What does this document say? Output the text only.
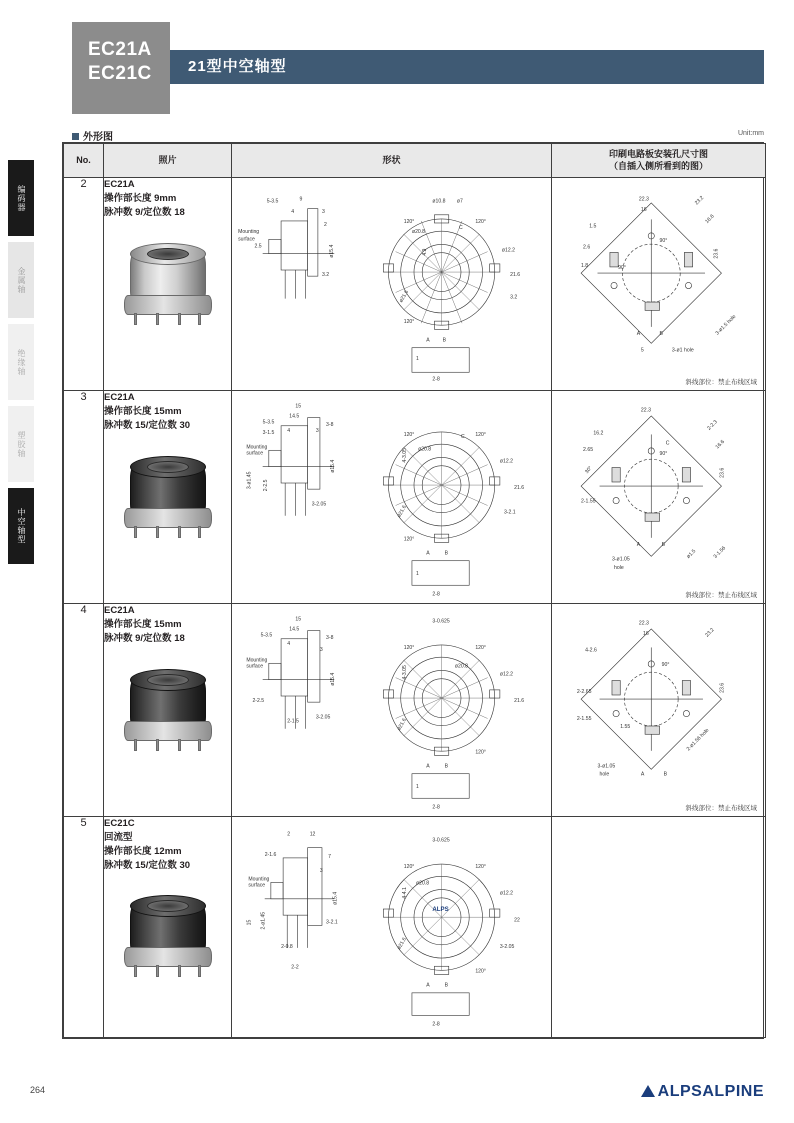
EC21A
EC21C	21型中空轴型
编码器
金属轴
绝缘轴
塑胶轴
中空轴型
外形图	Unit:mm
No.	照片	形状	印刷电路板安装孔尺寸图
（自插入侧所看到的图）

2	EC21A
操作部长度 9mm
脉冲数 9/定位数 18

5-3.5	9
4	3
2
2.5
3.2
ø15.4
Mounting
surface
120°	120°
120°
ø10.8 ø7
ø20.8
C
ø12.2
21.6
3.2
ø21.6
4.9
A	B
1
2-8

22.3
16
23.2
16.6
1.5
2.6
1.8
23.6
90°
90°
A	B
5	3-ø1 hole
3-ø1.5 hole
斜线部位：禁止布线区域

3	EC21A
操作部长度 15mm
脉冲数 15/定位数 30

15
14.5
5-3.5
3-1.5	4	3
3-8
Mounting
surface
3-ø1.45 2-2.5
3-2.05
ø15.4
120°	120°
120°
4-3.05 ø20.8
C
ø12.2
21.6
3-2.1
ø21.6
A	B
1
2-8

22.3
16.2
2.65
2-2.3
16.6
30°
90°
2-1.55
C
A	B
23.6
3-ø1.05
hole
ø1.5	3-1.56
斜线部位：禁止布线区域

4	EC21A
操作部长度 15mm
脉冲数 9/定位数 18

15
14.5
5-3.5
4
3-8
3
Mounting
surface
2-2.5
2-1.5
3-2.05
ø15.4
3-0.625
120°	120°
120°
4-3.05	ø20.8
ø12.2
21.6
ø21.6
A	B
1
2-8

22.3
16	23.2
4-2.6
2-2.65
2-1.55
1.55
90°
23.6
2-ø1.56 hole
3-ø1.05
hole	A	B
斜线部位：禁止布线区域

5	EC21C
回流型
操作部长度 12mm
脉冲数 15/定位数 30

2	12
2-1.6	7
3
Mounting
surface
15 2-ø1.45
2-0.8
3-2.1
ø15.4
2-2
3-0.625
120°	120°
120°
4-4.1
ø20.8
ø12.2
22
ø21.6	3-2.05
ALPS
A	B
2-8

264	ALPSALPINE
